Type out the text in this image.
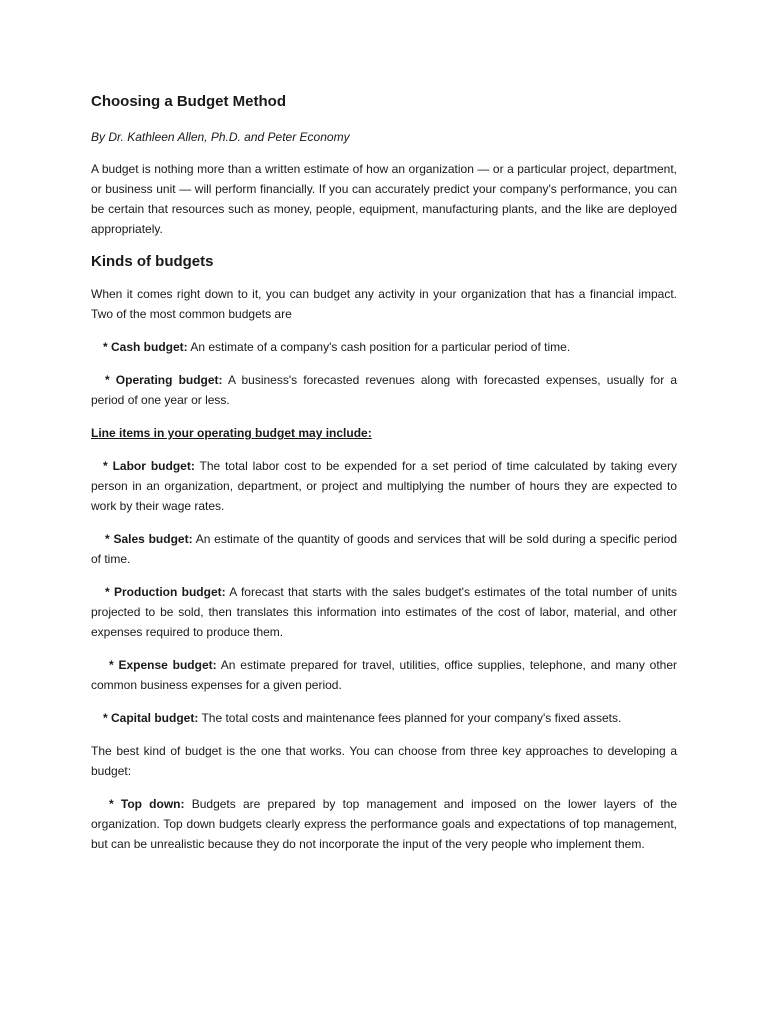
Choosing a Budget Method

By Dr. Kathleen Allen, Ph.D. and Peter Economy

A budget is nothing more than a written estimate of how an organization — or a particular project, department, or business unit — will perform financially. If you can accurately predict your company's performance, you can be certain that resources such as money, people, equipment, manufacturing plants, and the like are deployed appropriately.

Kinds of budgets

When it comes right down to it, you can budget any activity in your organization that has a financial impact. Two of the most common budgets are

* Cash budget: An estimate of a company's cash position for a particular period of time.

* Operating budget: A business's forecasted revenues along with forecasted expenses, usually for a period of one year or less.

Line items in your operating budget may include:

* Labor budget: The total labor cost to be expended for a set period of time calculated by taking every person in an organization, department, or project and multiplying the number of hours they are expected to work by their wage rates.

* Sales budget: An estimate of the quantity of goods and services that will be sold during a specific period of time.

* Production budget: A forecast that starts with the sales budget's estimates of the total number of units projected to be sold, then translates this information into estimates of the cost of labor, material, and other expenses required to produce them.

* Expense budget: An estimate prepared for travel, utilities, office supplies, telephone, and many other common business expenses for a given period.

* Capital budget: The total costs and maintenance fees planned for your company's fixed assets.

The best kind of budget is the one that works. You can choose from three key approaches to developing a budget:

* Top down: Budgets are prepared by top management and imposed on the lower layers of the organization. Top down budgets clearly express the performance goals and expectations of top management, but can be unrealistic because they do not incorporate the input of the very people who implement them.
